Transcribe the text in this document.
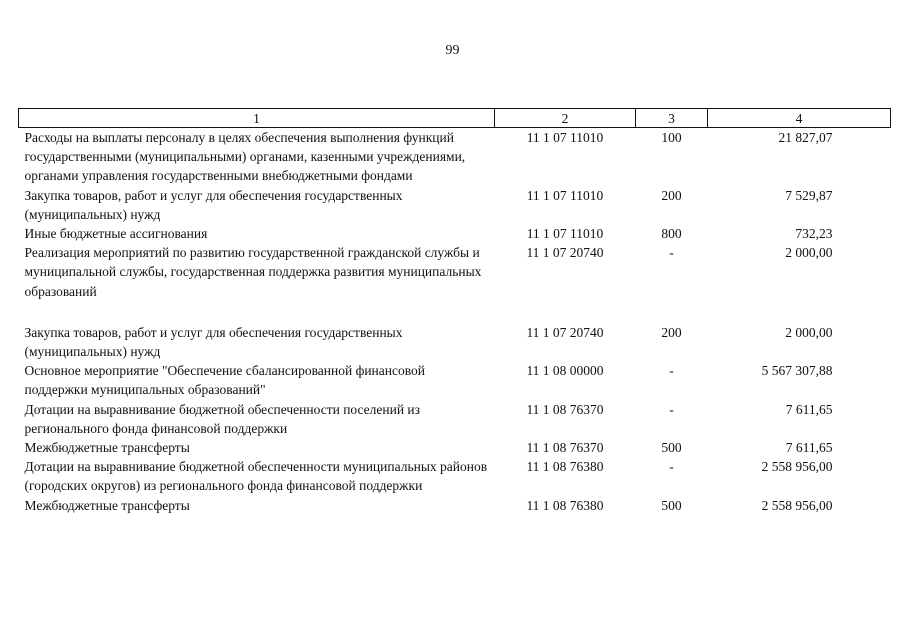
99
1	2	3	4
Расходы на выплаты персоналу в целях обеспечения выполнения функций государственными (муниципальными) органами, казенными учреждениями, органами управления государственными внебюджетными фондами	11 1 07 11010	100	21 827,07
Закупка товаров, работ и услуг для обеспечения государственных (муниципальных) нужд	11 1 07 11010	200	7 529,87
Иные бюджетные ассигнования	11 1 07 11010	800	732,23
Реализация мероприятий по развитию государственной гражданской службы и муниципальной службы, государственная поддержка развития муниципальных образований	11 1 07 20740	-	2 000,00
Закупка товаров, работ и услуг для обеспечения государственных (муниципальных) нужд	11 1 07 20740	200	2 000,00
Основное мероприятие "Обеспечение сбалансированной финансовой поддержки муниципальных образований"	11 1 08 00000	-	5 567 307,88
Дотации на выравнивание бюджетной обеспеченности поселений из регионального фонда финансовой поддержки	11 1 08 76370	-	7 611,65
Межбюджетные трансферты	11 1 08 76370	500	7 611,65
Дотации на выравнивание бюджетной обеспеченности муниципальных районов (городских округов) из регионального фонда финансовой поддержки	11 1 08 76380	-	2 558 956,00
Межбюджетные трансферты	11 1 08 76380	500	2 558 956,00
